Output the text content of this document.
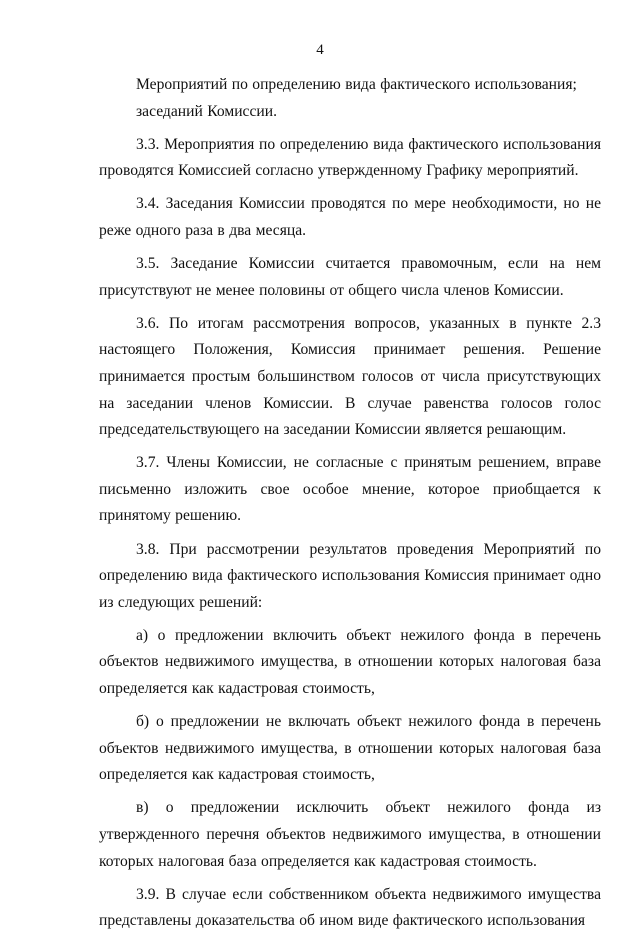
4

Мероприятий по определению вида фактического использования;

заседаний Комиссии.

3.3. Мероприятия по определению вида фактического использования проводятся Комиссией согласно утвержденному Графику мероприятий.

3.4. Заседания Комиссии проводятся по мере необходимости, но не реже одного раза в два месяца.

3.5. Заседание Комиссии считается правомочным, если на нем присутствуют не менее половины от общего числа членов Комиссии.

3.6. По итогам рассмотрения вопросов, указанных в пункте 2.3 настоящего Положения, Комиссия принимает решения. Решение принимается простым большинством голосов от числа присутствующих на заседании членов Комиссии. В случае равенства голосов голос председательствующего на заседании Комиссии является решающим.

3.7. Члены Комиссии, не согласные с принятым решением, вправе письменно изложить свое особое мнение, которое приобщается к принятому решению.

3.8. При рассмотрении результатов проведения Мероприятий по определению вида фактического использования Комиссия принимает одно из следующих решений:

а) о предложении включить объект нежилого фонда в перечень объектов недвижимого имущества, в отношении которых налоговая база определяется как кадастровая стоимость,

б) о предложении не включать объект нежилого фонда в перечень объектов недвижимого имущества, в отношении которых налоговая база определяется как кадастровая стоимость,

в) о предложении исключить объект нежилого фонда из утвержденного перечня объектов недвижимого имущества, в отношении которых налоговая база определяется как кадастровая стоимость.

3.9. В случае если собственником объекта недвижимого имущества представлены доказательства об ином виде фактического использования
